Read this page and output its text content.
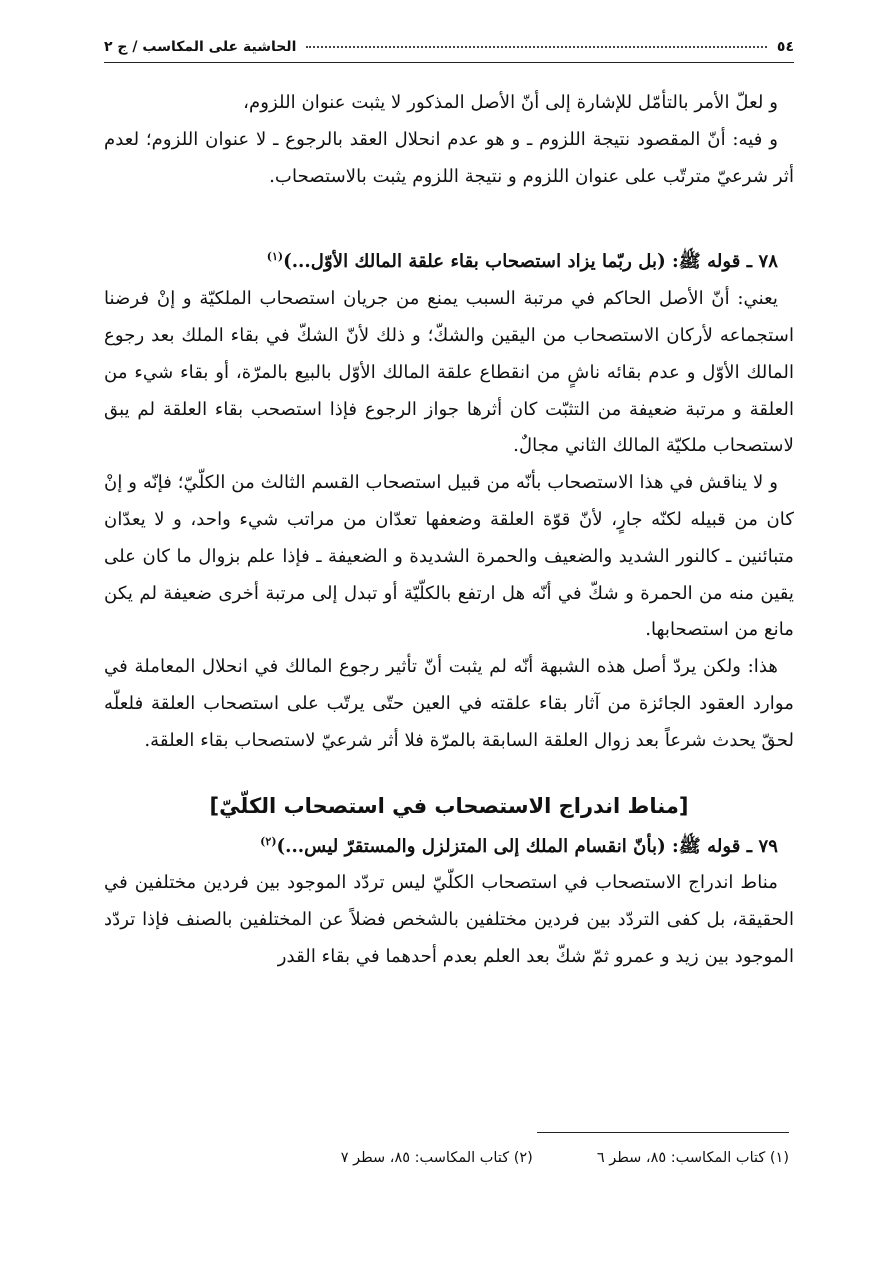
٥٤
الحاشية على المكاسب / ج ٢

و لعلّ الأمر بالتأمّل للإشارة إلى أنّ الأصل المذكور لا يثبت عنوان اللزوم،

و فيه: أنّ المقصود نتيجة اللزوم ـ و هو عدم انحلال العقد بالرجوع ـ لا عنوان اللزوم؛ لعدم أثر شرعيّ مترتّب على عنوان اللزوم و نتيجة اللزوم يثبت بالاستصحاب.

٧٨ ـ قوله ﷺ: (بل ربّما يزاد استصحاب بقاء علقة المالك الأوّل...)$^{(١)}$

يعني: أنّ الأصل الحاكم في مرتبة السبب يمنع من جريان استصحاب الملكيّة و إنْ فرضنا استجماعه لأركان الاستصحاب من اليقين والشكّ؛ و ذلك لأنّ الشكّ في بقاء الملك بعد رجوع المالك الأوّل و عدم بقائه ناشٍ من انقطاع علقة المالك الأوّل بالبيع بالمرّة، أو بقاء شيء من العلقة و مرتبة ضعيفة من التثبّت كان أثرها جواز الرجوع فإذا استصحب بقاء العلقة لم يبق لاستصحاب ملكيّة المالك الثاني مجالٌ.

و لا يناقش في هذا الاستصحاب بأنّه من قبيل استصحاب القسم الثالث من الكلّيّ؛ فإنّه و إنْ كان من قبيله لكنّه جارٍ، لأنّ قوّة العلقة وضعفها تعدّان من مراتب شيء واحد، و لا يعدّان متبائنين ـ كالنور الشديد والضعيف والحمرة الشديدة و الضعيفة ـ فإذا علم بزوال ما كان على يقين منه من الحمرة و شكّ في أنّه هل ارتفع بالكلّيّة أو تبدل إلى مرتبة أخرى ضعيفة لم يكن مانع من استصحابها.

هذا: ولكن يردّ أصل هذه الشبهة أنّه لم يثبت أنّ تأثير رجوع المالك في انحلال المعاملة في موارد العقود الجائزة من آثار بقاء علقته في العين حتّى يرتّب على استصحاب العلقة فلعلّه لحقّ يحدث شرعاً بعد زوال العلقة السابقة بالمرّة فلا أثر شرعيّ لاستصحاب بقاء العلقة.

[مناط اندراج الاستصحاب في استصحاب الكلّيّ]

٧٩ ـ قوله ﷺ: (بأنّ انقسام الملك إلى المتزلزل والمستقرّ ليس...)$^{(٢)}$

مناط اندراج الاستصحاب في استصحاب الكلّيّ ليس تردّد الموجود بين فردين مختلفين في الحقيقة، بل كفى التردّد بين فردين مختلفين بالشخص فضلاً عن المختلفين بالصنف فإذا تردّد الموجود بين زيد و عمرو ثمّ شكّ بعد العلم بعدم أحدهما في بقاء القدر

(١) كتاب المكاسب: ٨٥، سطر ٦
(٢) كتاب المكاسب: ٨٥، سطر ٧
